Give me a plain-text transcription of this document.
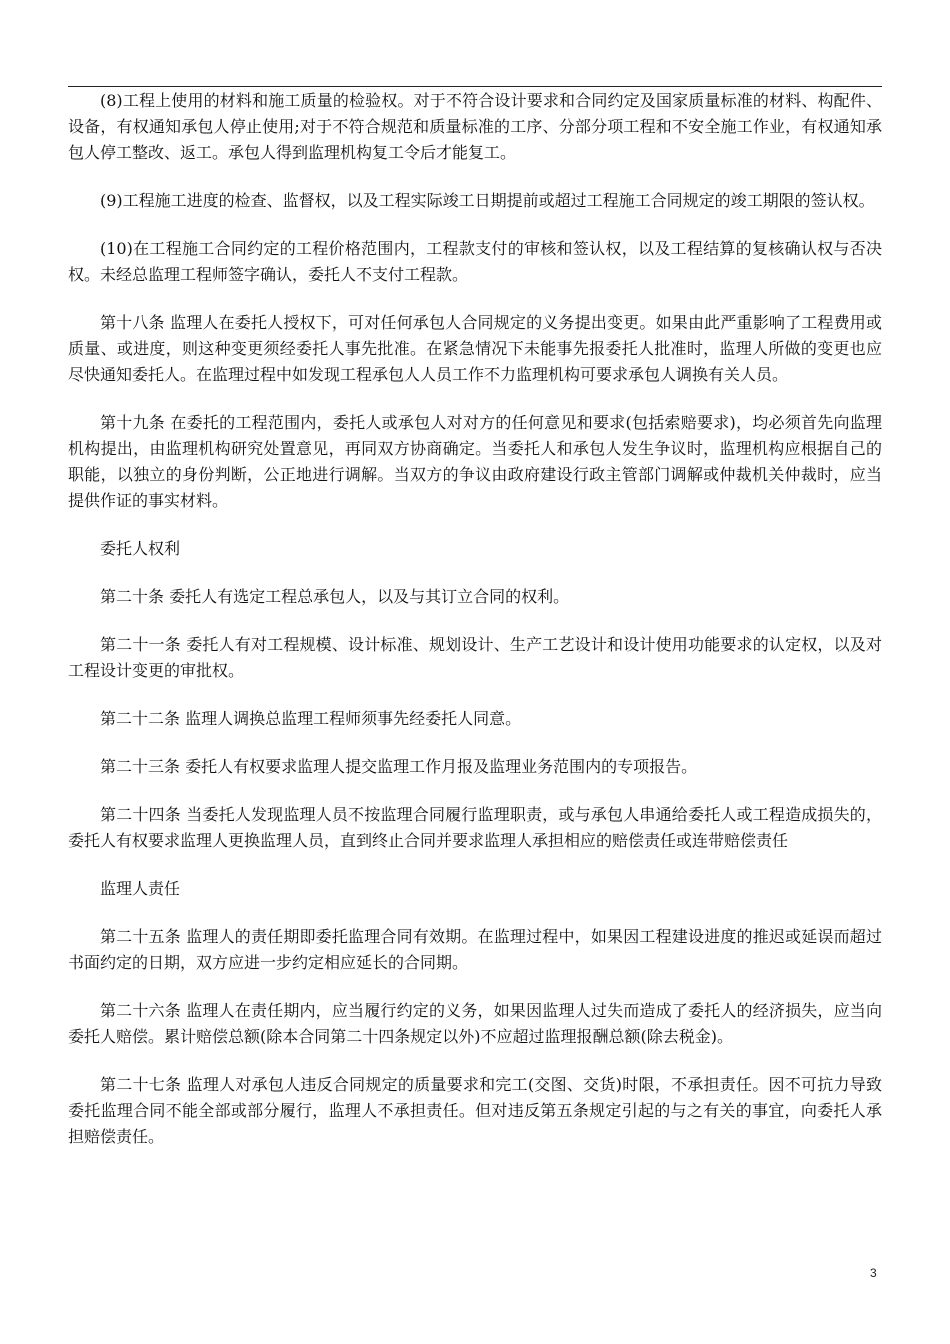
(8)工程上使用的材料和施工质量的检验权。对于不符合设计要求和合同约定及国家质量标准的材料、构配件、设备，有权通知承包人停止使用;对于不符合规范和质量标准的工序、分部分项工程和不安全施工作业，有权通知承包人停工整改、返工。承包人得到监理机构复工令后才能复工。

(9)工程施工进度的检查、监督权，以及工程实际竣工日期提前或超过工程施工合同规定的竣工期限的签认权。

(10)在工程施工合同约定的工程价格范围内，工程款支付的审核和签认权，以及工程结算的复核确认权与否决权。未经总监理工程师签字确认，委托人不支付工程款。

第十八条 监理人在委托人授权下，可对任何承包人合同规定的义务提出变更。如果由此严重影响了工程费用或质量、或进度，则这种变更须经委托人事先批准。在紧急情况下未能事先报委托人批准时，监理人所做的变更也应尽快通知委托人。在监理过程中如发现工程承包人人员工作不力监理机构可要求承包人调换有关人员。

第十九条 在委托的工程范围内，委托人或承包人对对方的任何意见和要求(包括索赔要求)，均必须首先向监理机构提出，由监理机构研究处置意见，再同双方协商确定。当委托人和承包人发生争议时，监理机构应根据自己的职能，以独立的身份判断，公正地进行调解。当双方的争议由政府建设行政主管部门调解或仲裁机关仲裁时，应当提供作证的事实材料。

委托人权利

第二十条 委托人有选定工程总承包人，以及与其订立合同的权利。

第二十一条 委托人有对工程规模、设计标准、规划设计、生产工艺设计和设计使用功能要求的认定权，以及对工程设计变更的审批权。

第二十二条 监理人调换总监理工程师须事先经委托人同意。

第二十三条 委托人有权要求监理人提交监理工作月报及监理业务范围内的专项报告。

第二十四条 当委托人发现监理人员不按监理合同履行监理职责，或与承包人串通给委托人或工程造成损失的，委托人有权要求监理人更换监理人员，直到终止合同并要求监理人承担相应的赔偿责任或连带赔偿责任

监理人责任

第二十五条 监理人的责任期即委托监理合同有效期。在监理过程中，如果因工程建设进度的推迟或延误而超过书面约定的日期，双方应进一步约定相应延长的合同期。

第二十六条 监理人在责任期内，应当履行约定的义务，如果因监理人过失而造成了委托人的经济损失，应当向委托人赔偿。累计赔偿总额(除本合同第二十四条规定以外)不应超过监理报酬总额(除去税金)。

第二十七条 监理人对承包人违反合同规定的质量要求和完工(交图、交货)时限，不承担责任。因不可抗力导致委托监理合同不能全部或部分履行，监理人不承担责任。但对违反第五条规定引起的与之有关的事宜，向委托人承担赔偿责任。

3
